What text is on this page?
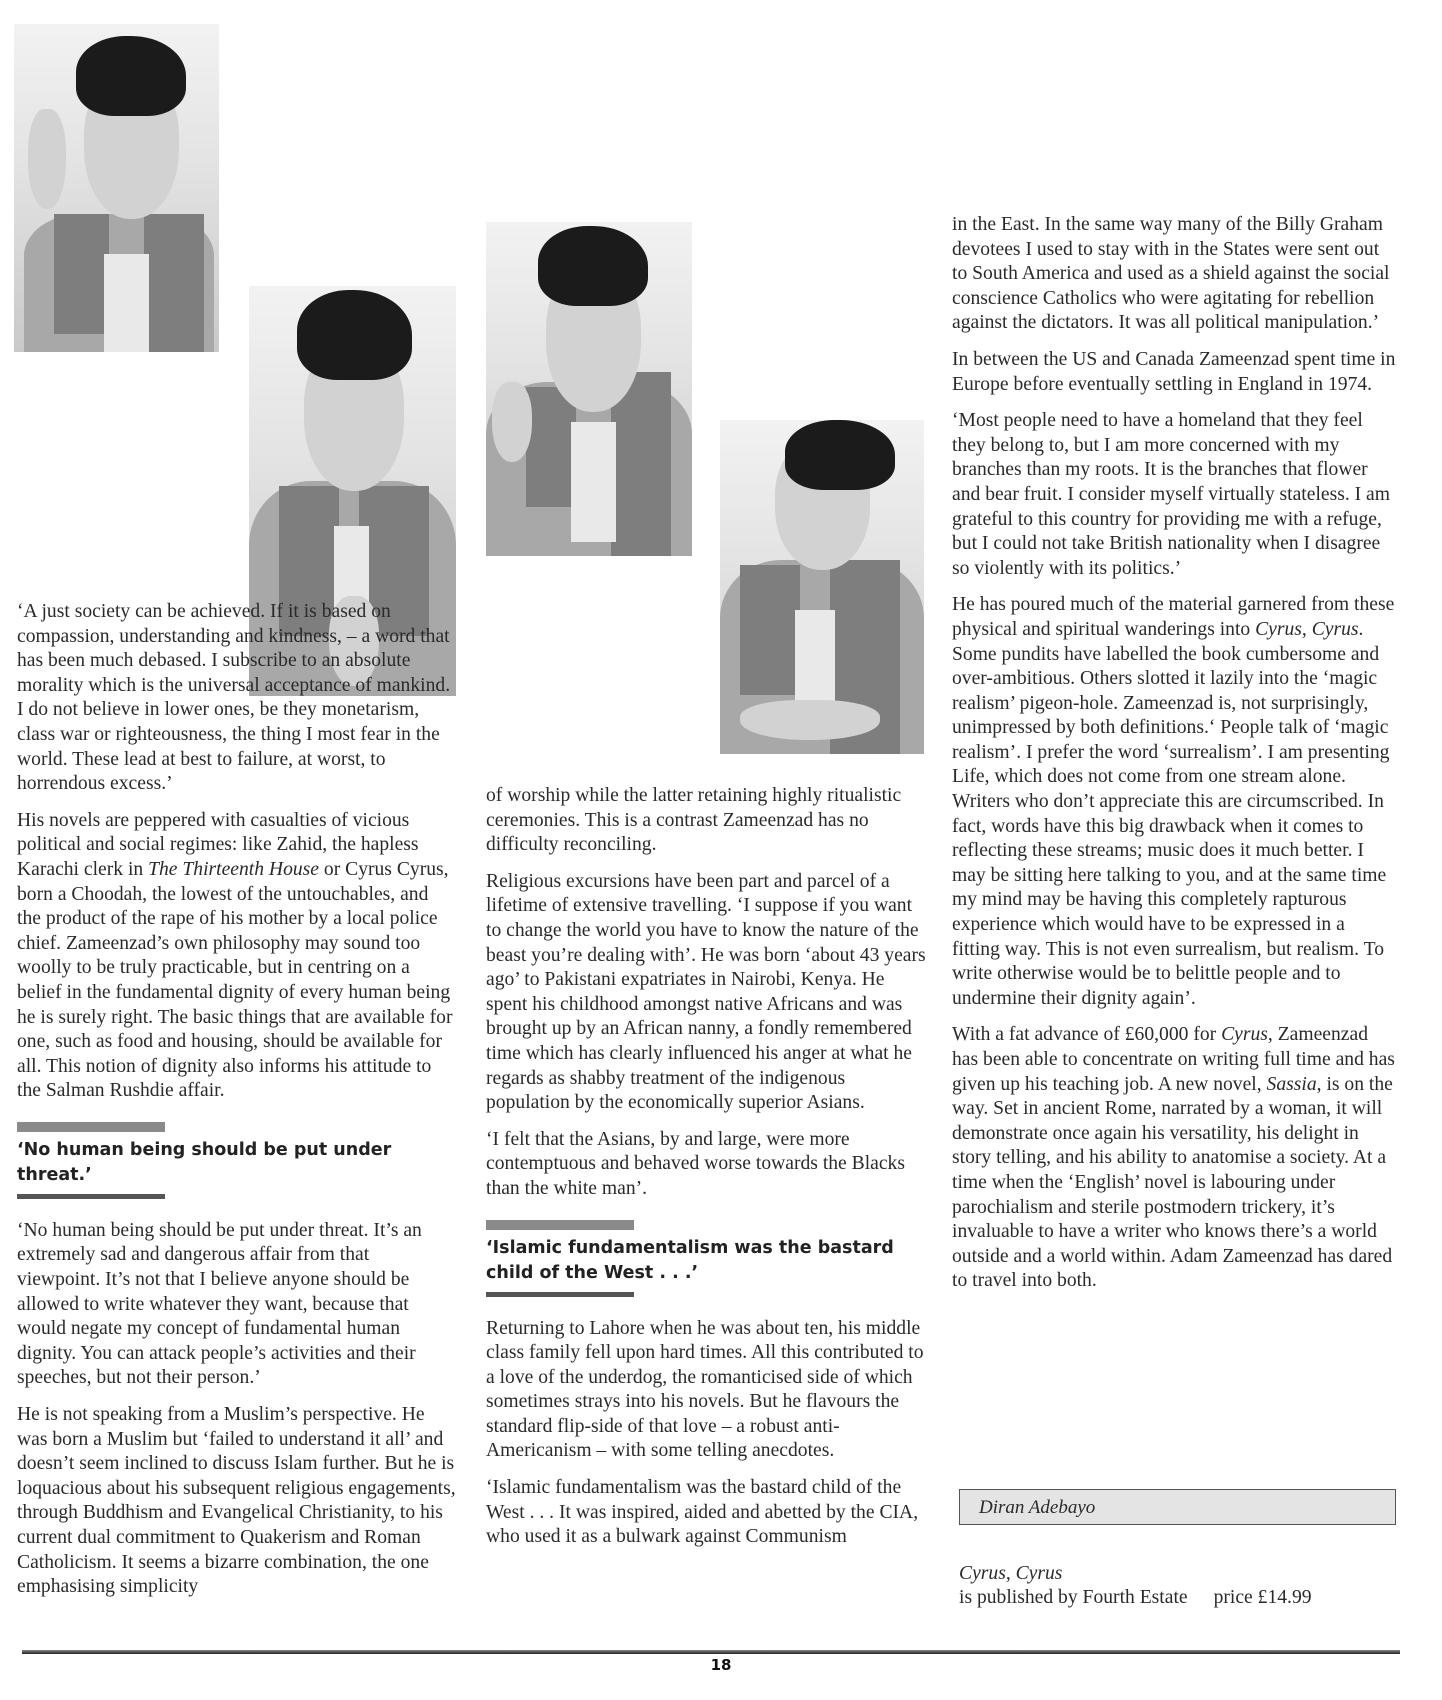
‘A just society can be achieved. If it is based on compassion, understanding and kindness, – a word that has been much debased. I subscribe to an absolute morality which is the universal acceptance of mankind. I do not believe in lower ones, be they monetarism, class war or righteousness, the thing I most fear in the world. These lead at best to failure, at worst, to horrendous excess.’

His novels are peppered with casualties of vicious political and social regimes: like Zahid, the hapless Karachi clerk in The Thirteenth House or Cyrus Cyrus, born a Choodah, the lowest of the untouchables, and the product of the rape of his mother by a local police chief. Zameenzad’s own philosophy may sound too woolly to be truly practicable, but in centring on a belief in the fundamental dignity of every human being he is surely right. The basic things that are available for one, such as food and housing, should be available for all. This notion of dignity also informs his attitude to the Salman Rushdie affair.

‘No human being should be put under threat.’

‘No human being should be put under threat. It’s an extremely sad and dangerous affair from that viewpoint. It’s not that I believe anyone should be allowed to write whatever they want, because that would negate my concept of fundamental human dignity. You can attack people’s activities and their speeches, but not their person.’

He is not speaking from a Muslim’s perspective. He was born a Muslim but ‘failed to understand it all’ and doesn’t seem inclined to discuss Islam further. But he is loquacious about his subsequent religious engagements, through Buddhism and Evangelical Christianity, to his current dual commitment to Quakerism and Roman Catholicism. It seems a bizarre combination, the one emphasising simplicity

of worship while the latter retaining highly ritualistic ceremonies. This is a contrast Zameenzad has no difficulty reconciling.

Religious excursions have been part and parcel of a lifetime of extensive travelling. ‘I suppose if you want to change the world you have to know the nature of the beast you’re dealing with’. He was born ‘about 43 years ago’ to Pakistani expatriates in Nairobi, Kenya. He spent his childhood amongst native Africans and was brought up by an African nanny, a fondly remembered time which has clearly influenced his anger at what he regards as shabby treatment of the indigenous population by the economically superior Asians.

‘I felt that the Asians, by and large, were more contemptuous and behaved worse towards the Blacks than the white man’.

‘Islamic fundamentalism was the bastard child of the West . . .’

Returning to Lahore when he was about ten, his middle class family fell upon hard times. All this contributed to a love of the underdog, the romanticised side of which sometimes strays into his novels. But he flavours the standard flip-side of that love – a robust anti-Americanism – with some telling anecdotes.

‘Islamic fundamentalism was the bastard child of the West . . . It was inspired, aided and abetted by the CIA, who used it as a bulwark against Communism

in the East. In the same way many of the Billy Graham devotees I used to stay with in the States were sent out to South America and used as a shield against the social conscience Catholics who were agitating for rebellion against the dictators. It was all political manipulation.’

In between the US and Canada Zameenzad spent time in Europe before eventually settling in England in 1974.

‘Most people need to have a homeland that they feel they belong to, but I am more concerned with my branches than my roots. It is the branches that flower and bear fruit. I consider myself virtually stateless. I am grateful to this country for providing me with a refuge, but I could not take British nationality when I disagree so violently with its politics.’

He has poured much of the material garnered from these physical and spiritual wanderings into Cyrus, Cyrus. Some pundits have labelled the book cumbersome and over-ambitious. Others slotted it lazily into the ‘magic realism’ pigeon-hole. Zameenzad is, not surprisingly, unimpressed by both definitions.‘ People talk of ‘magic realism’. I prefer the word ‘surrealism’. I am presenting Life, which does not come from one stream alone. Writers who don’t appreciate this are circumscribed. In fact, words have this big drawback when it comes to reflecting these streams; music does it much better. I may be sitting here talking to you, and at the same time my mind may be having this completely rapturous experience which would have to be expressed in a fitting way. This is not even surrealism, but realism. To write otherwise would be to belittle people and to undermine their dignity again’.

With a fat advance of £60,000 for Cyrus, Zameenzad has been able to concentrate on writing full time and has given up his teaching job. A new novel, Sassia, is on the way. Set in ancient Rome, narrated by a woman, it will demonstrate once again his versatility, his delight in story telling, and his ability to anatomise a society. At a time when the ‘English’ novel is labouring under parochialism and sterile postmodern trickery, it’s invaluable to have a writer who knows there’s a world outside and a world within. Adam Zameenzad has dared to travel into both.

Diran Adebayo
Cyrus, Cyrus
is published by Fourth Estate price £14.99
18
